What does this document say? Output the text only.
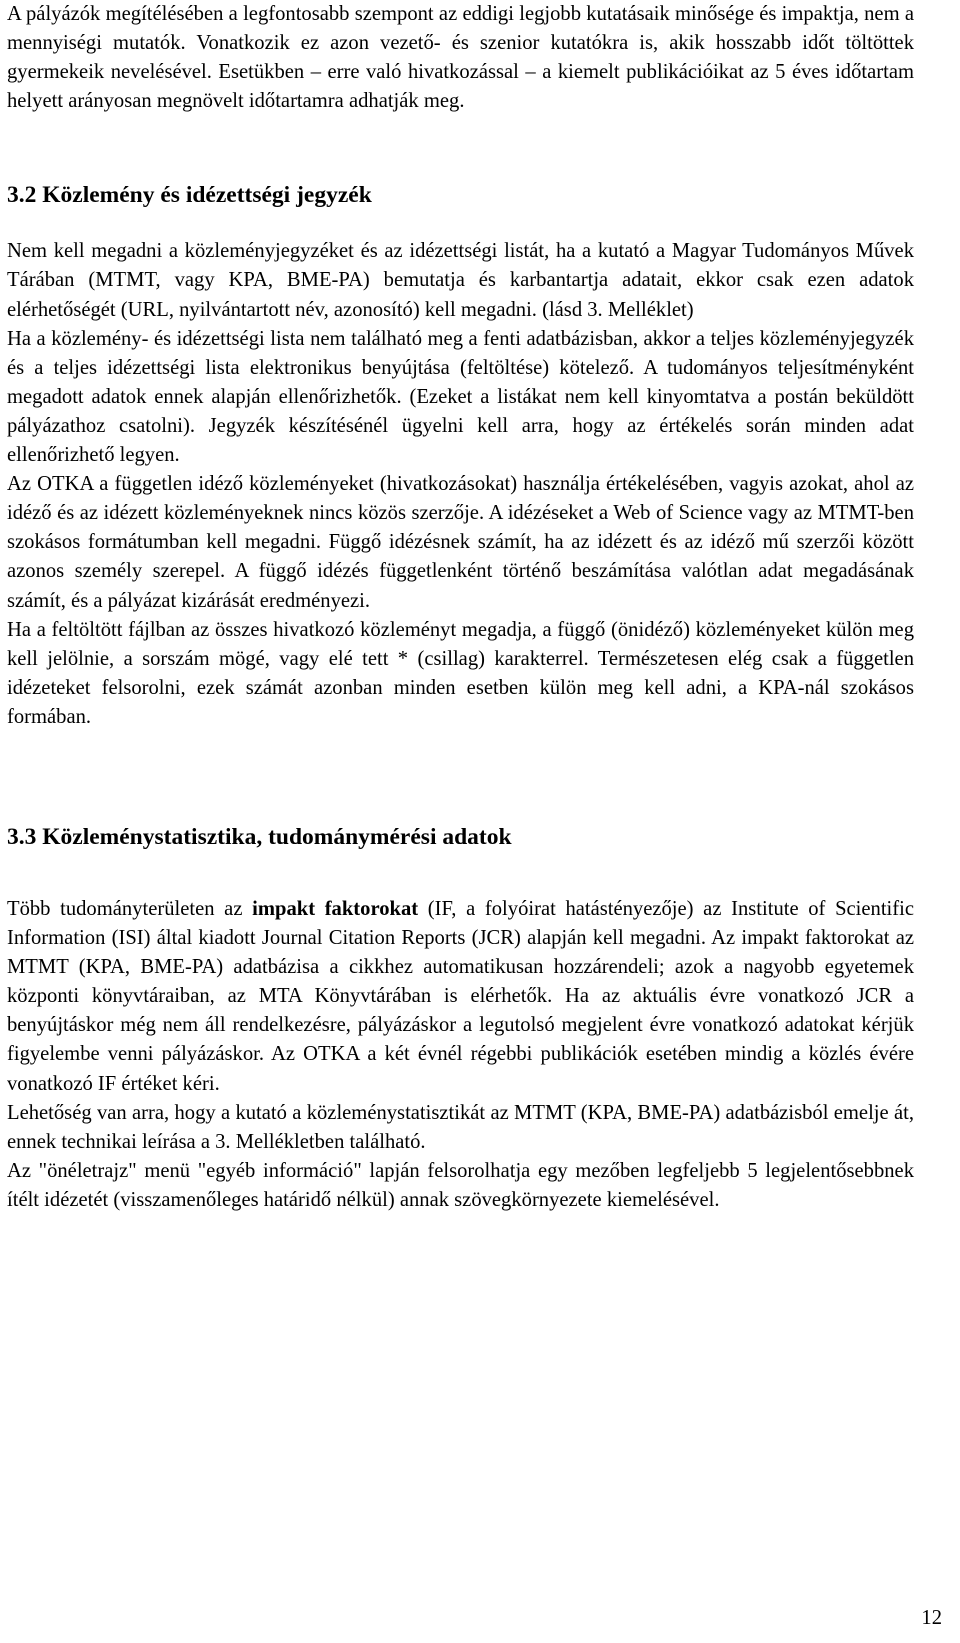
A pályázók megítélésében a legfontosabb szempont az eddigi legjobb kutatásaik minősége és impaktja, nem a mennyiségi mutatók. Vonatkozik ez azon vezető- és szenior kutatókra is, akik hosszabb időt töltöttek gyermekeik nevelésével. Esetükben – erre való hivatkozással – a kiemelt publikációikat az 5 éves időtartam helyett arányosan megnövelt időtartamra adhatják meg.

3.2 Közlemény és idézettségi jegyzék

Nem kell megadni a közleményjegyzéket és az idézettségi listát, ha a kutató a Magyar Tudományos Művek Tárában (MTMT, vagy KPA, BME-PA) bemutatja és karbantartja adatait, ekkor csak ezen adatok elérhetőségét (URL, nyilvántartott név, azonosító) kell megadni. (lásd 3. Melléklet)

Ha a közlemény- és idézettségi lista nem található meg a fenti adatbázisban, akkor a teljes közleményjegyzék és a teljes idézettségi lista elektronikus benyújtása (feltöltése) kötelező. A tudományos teljesítményként megadott adatok ennek alapján ellenőrizhetők. (Ezeket a listákat nem kell kinyomtatva a postán beküldött pályázathoz csatolni). Jegyzék készítésénél ügyelni kell arra, hogy az értékelés során minden adat ellenőrizhető legyen.

Az OTKA a független idéző közleményeket (hivatkozásokat) használja értékelésében, vagyis azokat, ahol az idéző és az idézett közleményeknek nincs közös szerzője. A idézéseket a Web of Science vagy az MTMT-ben szokásos formátumban kell megadni. Függő idézésnek számít, ha az idézett és az idéző mű szerzői között azonos személy szerepel. A függő idézés függetlenként történő beszámítása valótlan adat megadásának számít, és a pályázat kizárását eredményezi.

Ha a feltöltött fájlban az összes hivatkozó közleményt megadja, a függő (önidéző) közleményeket külön meg kell jelölnie, a sorszám mögé, vagy elé tett * (csillag) karakterrel. Természetesen elég csak a független idézeteket felsorolni, ezek számát azonban minden esetben külön meg kell adni, a KPA-nál szokásos formában.

3.3 Közleménystatisztika, tudománymérési adatok

Több tudományterületen az impakt faktorokat (IF, a folyóirat hatástényezője) az Institute of Scientific Information (ISI) által kiadott Journal Citation Reports (JCR) alapján kell megadni. Az impakt faktorokat az MTMT (KPA, BME-PA) adatbázisa a cikkhez automatikusan hozzárendeli; azok a nagyobb egyetemek központi könyvtáraiban, az MTA Könyvtárában is elérhetők. Ha az aktuális évre vonatkozó JCR a benyújtáskor még nem áll rendelkezésre, pályázáskor a legutolsó megjelent évre vonatkozó adatokat kérjük figyelembe venni pályázáskor. Az OTKA a két évnél régebbi publikációk esetében mindig a közlés évére vonatkozó IF értéket kéri.

Lehetőség van arra, hogy a kutató a közleménystatisztikát az MTMT (KPA, BME-PA) adatbázisból emelje át, ennek technikai leírása a 3. Mellékletben található.

Az "önéletrajz" menü "egyéb információ" lapján felsorolhatja egy mezőben legfeljebb 5 legjelentősebbnek ítélt idézetét (visszamenőleges határidő nélkül) annak szövegkörnyezete kiemelésével.

12
